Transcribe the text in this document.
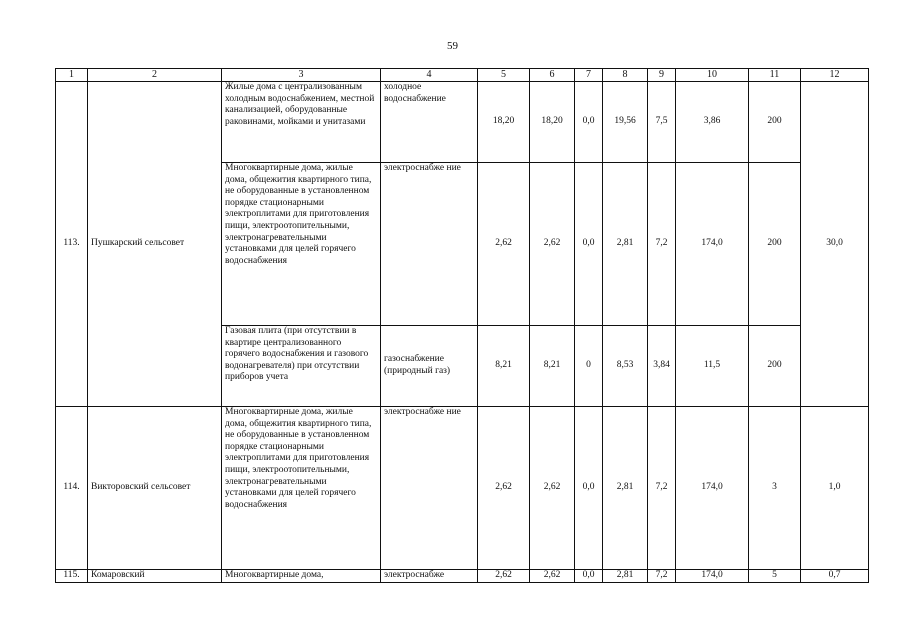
59
1	2	3	4	5	6	7	8	9	10	11	12
113.	Пушкарский сельсовет	Жилые дома с централизованным холодным водоснабжением, местной канализацией, оборудованные раковинами, мойками и унитазами	холодное водоснабжение	18,20	18,20	0,0	19,56	7,5	3,86	200	30,0
		Многоквартирные дома, жилые дома, общежития квартирного типа, не оборудованные в установленном порядке стационарными электроплитами для приготовления пищи, электроотопительными, электронагревательными установками для целей горячего водоснабжения	электроснабже ние	2,62	2,62	0,0	2,81	7,2	174,0	200	
		Газовая плита (при отсутствии в квартире централизованного горячего водоснабжения и газового водонагревателя) при отсутствии приборов учета	газоснабжение (природный газ)	8,21	8,21	0	8,53	3,84	11,5	200	
114.	Викторовский сельсовет	Многоквартирные дома, жилые дома, общежития квартирного типа, не оборудованные в установленном порядке стационарными электроплитами для приготовления пищи, электроотопительными, электронагревательными установками для целей горячего водоснабжения	электроснабже ние	2,62	2,62	0,0	2,81	7,2	174,0	3	1,0
115.	Комаровский	Многоквартирные дома,	электроснабже	2,62	2,62	0,0	2,81	7,2	174,0	5	0,7
